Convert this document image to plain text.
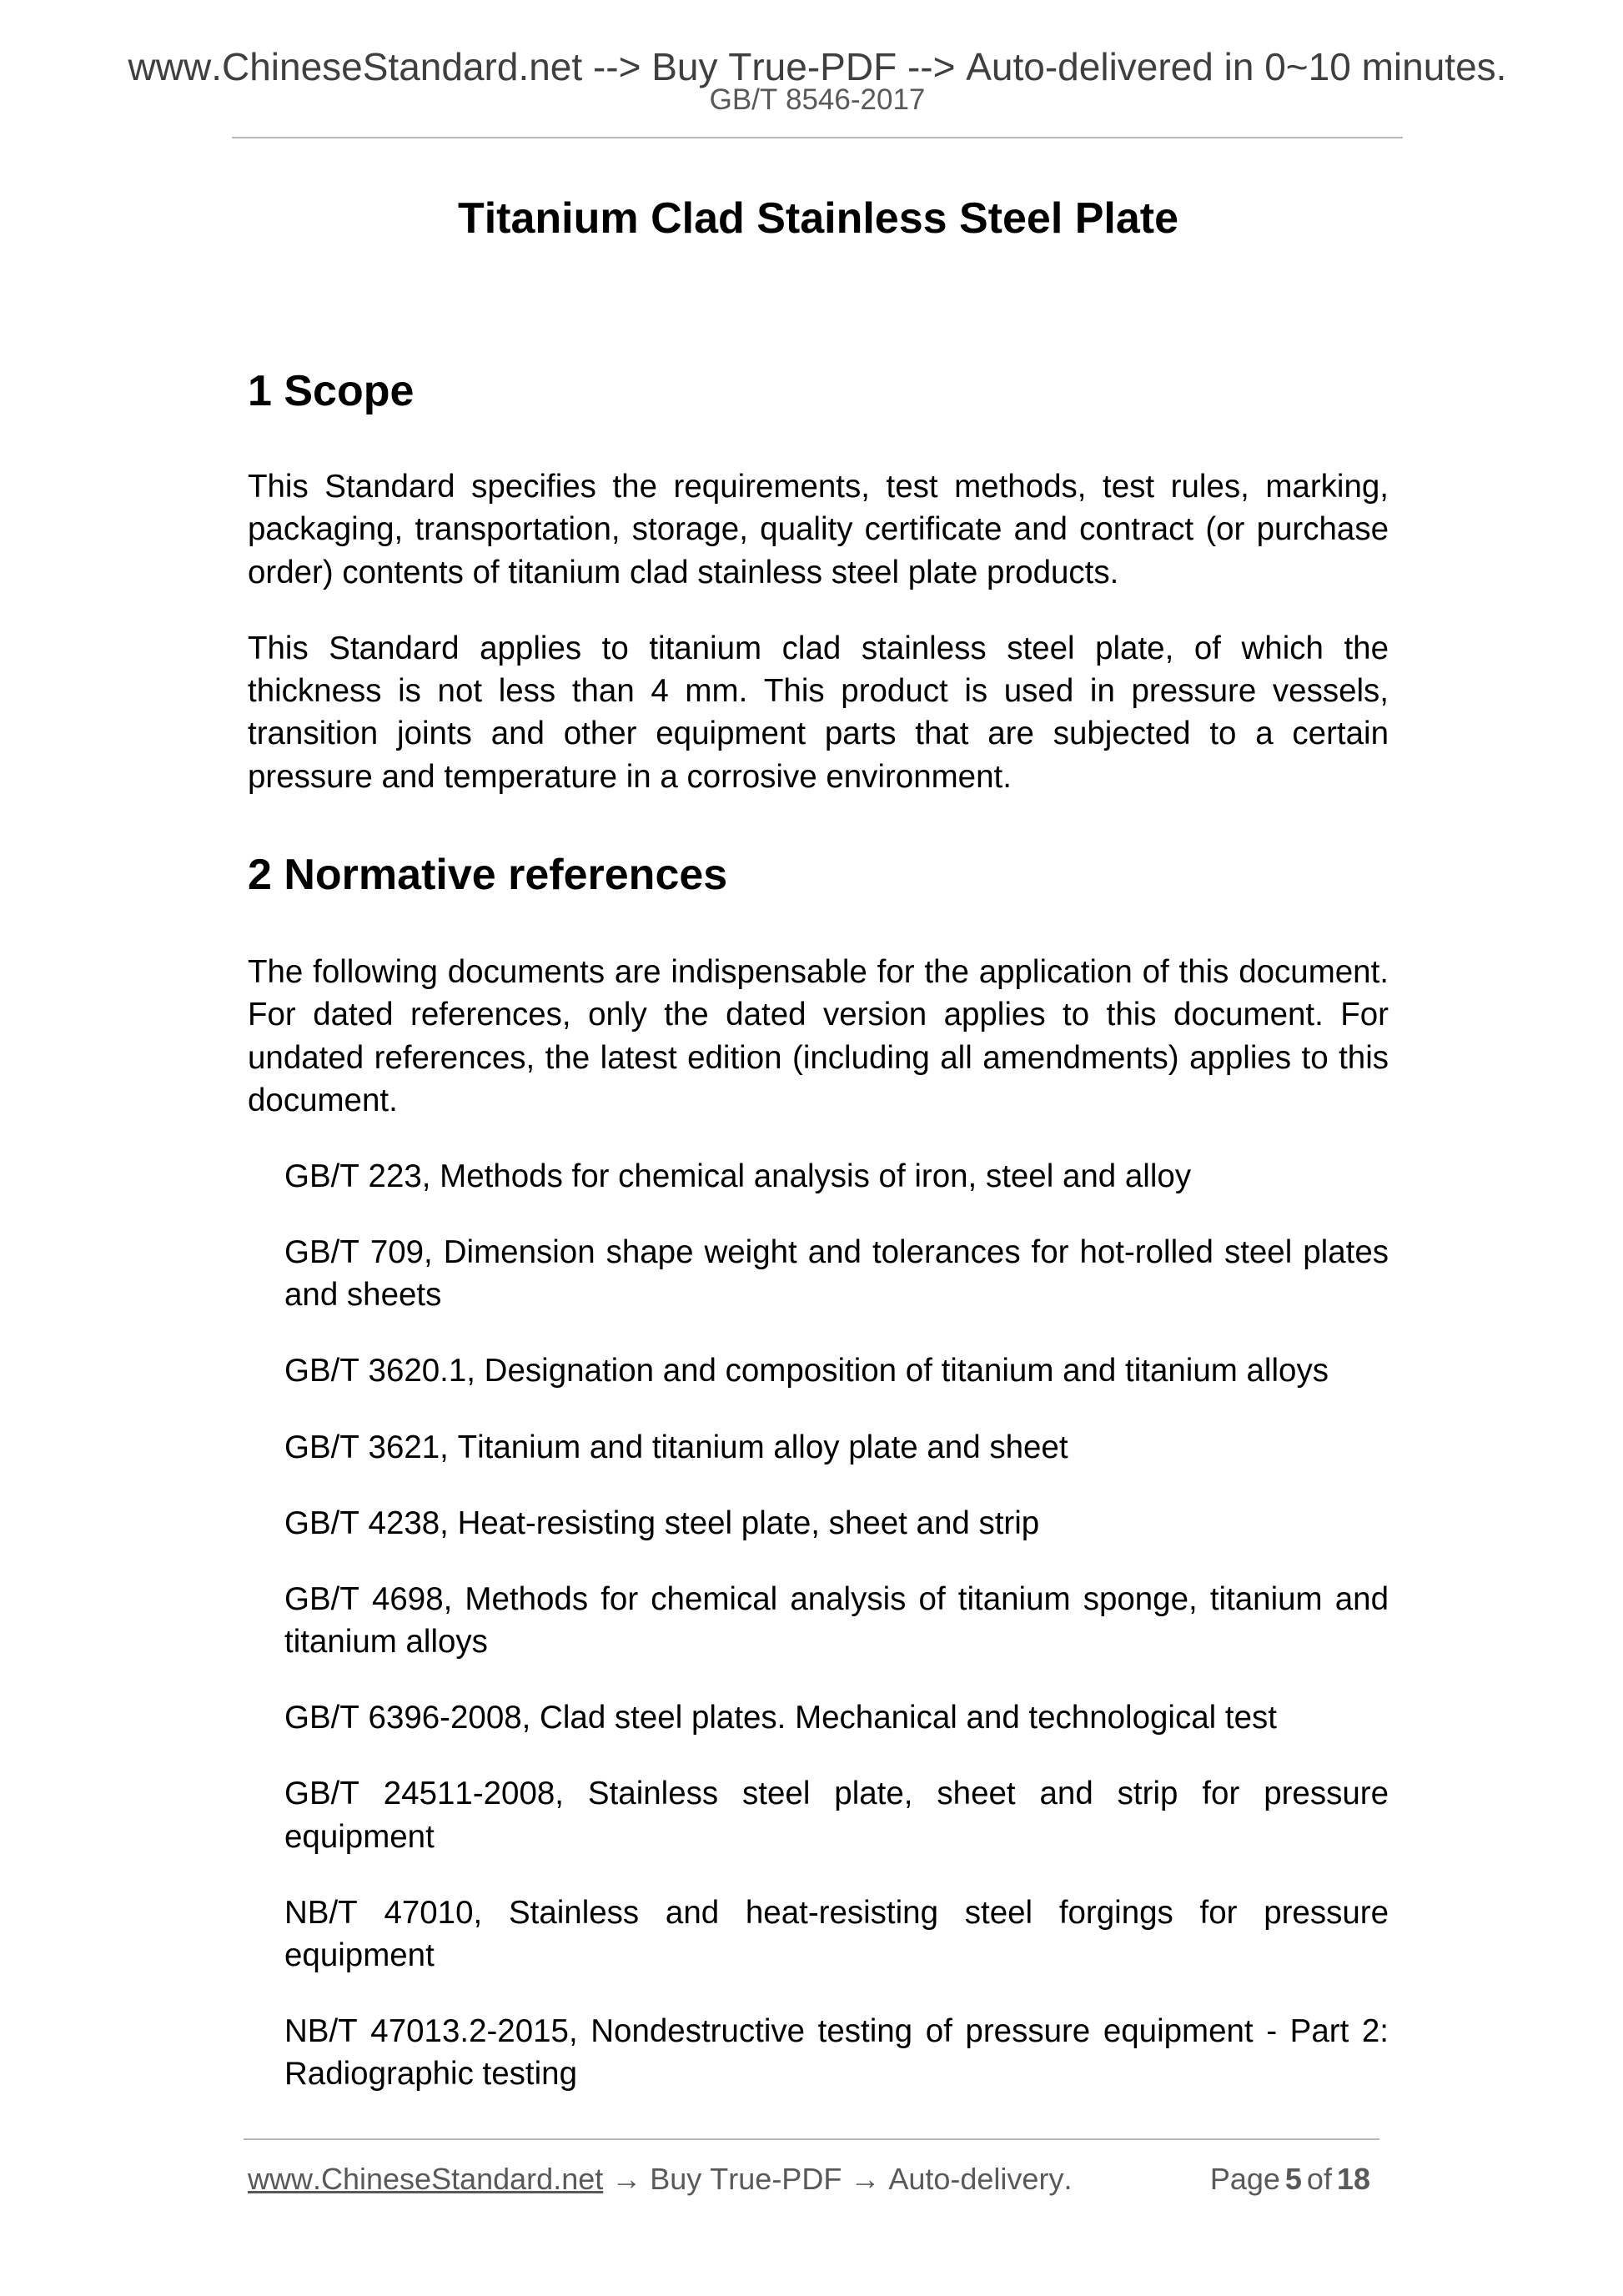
www.ChineseStandard.net --> Buy True-PDF --> Auto-delivered in 0~10 minutes.
GB/T 8546-2017
Titanium Clad Stainless Steel Plate
1 Scope

This Standard specifies the requirements, test methods, test rules, marking, packaging, transportation, storage, quality certificate and contract (or purchase order) contents of titanium clad stainless steel plate products.

This Standard applies to titanium clad stainless steel plate, of which the thickness is not less than 4 mm. This product is used in pressure vessels, transition joints and other equipment parts that are subjected to a certain pressure and temperature in a corrosive environment.

2 Normative references

The following documents are indispensable for the application of this document. For dated references, only the dated version applies to this document. For undated references, the latest edition (including all amendments) applies to this document.

GB/T 223, Methods for chemical analysis of iron, steel and alloy
GB/T 709, Dimension shape weight and tolerances for hot-rolled steel plates and sheets
GB/T 3620.1, Designation and composition of titanium and titanium alloys
GB/T 3621, Titanium and titanium alloy plate and sheet
GB/T 4238, Heat-resisting steel plate, sheet and strip
GB/T 4698, Methods for chemical analysis of titanium sponge, titanium and titanium alloys
GB/T 6396-2008, Clad steel plates. Mechanical and technological test
GB/T 24511-2008, Stainless steel plate, sheet and strip for pressure equipment
NB/T 47010, Stainless and heat-resisting steel forgings for pressure equipment
NB/T 47013.2-2015, Nondestructive testing of pressure equipment - Part 2: Radiographic testing
www.ChineseStandard.net → Buy True-PDF → Auto-delivery.	Page 5 of 18
